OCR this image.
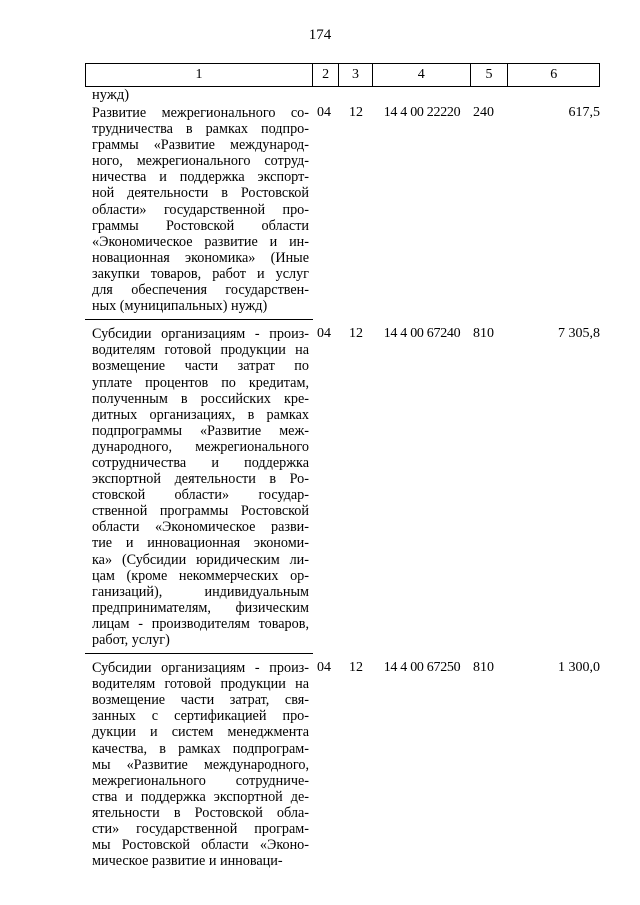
174
1	2	3	4	5	6
нужд)
Развитие межрегионального со-
трудничества в рамках подпро-
граммы «Развитие международ-
ного, межрегионального сотруд-
ничества и поддержка экспорт-
ной деятельности в Ростовской
области» государственной про-
граммы Ростовской области
«Экономическое развитие и ин-
новационная экономика» (Иные
закупки товаров, работ и услуг
для обеспечения государствен-
ных (муниципальных) нужд)
04	12	14 4 00 22220 240	617,5
Субсидии организациям - произ-
водителям готовой продукции на
возмещение части затрат по
уплате процентов по кредитам,
полученным в российских кре-
дитных организациях, в рамках
подпрограммы «Развитие меж-
дународного, межрегионального
сотрудничества и поддержка
экспортной деятельности в Ро-
стовской области» государ-
ственной программы Ростовской
области «Экономическое разви-
тие и инновационная экономи-
ка» (Субсидии юридическим ли-
цам (кроме некоммерческих ор-
ганизаций), индивидуальным
предпринимателям, физическим
лицам - производителям товаров,
работ, услуг)
04	12	14 4 00 67240 810	7 305,8
Субсидии организациям - произ-
водителям готовой продукции на
возмещение части затрат, свя-
занных с сертификацией про-
дукции и систем менеджмента
качества, в рамках подпрограм-
мы «Развитие международного,
межрегионального сотрудниче-
ства и поддержка экспортной де-
ятельности в Ростовской обла-
сти» государственной програм-
мы Ростовской области «Эконо-
мическое развитие и инноваци-
04	12	14 4 00 67250 810	1 300,0
